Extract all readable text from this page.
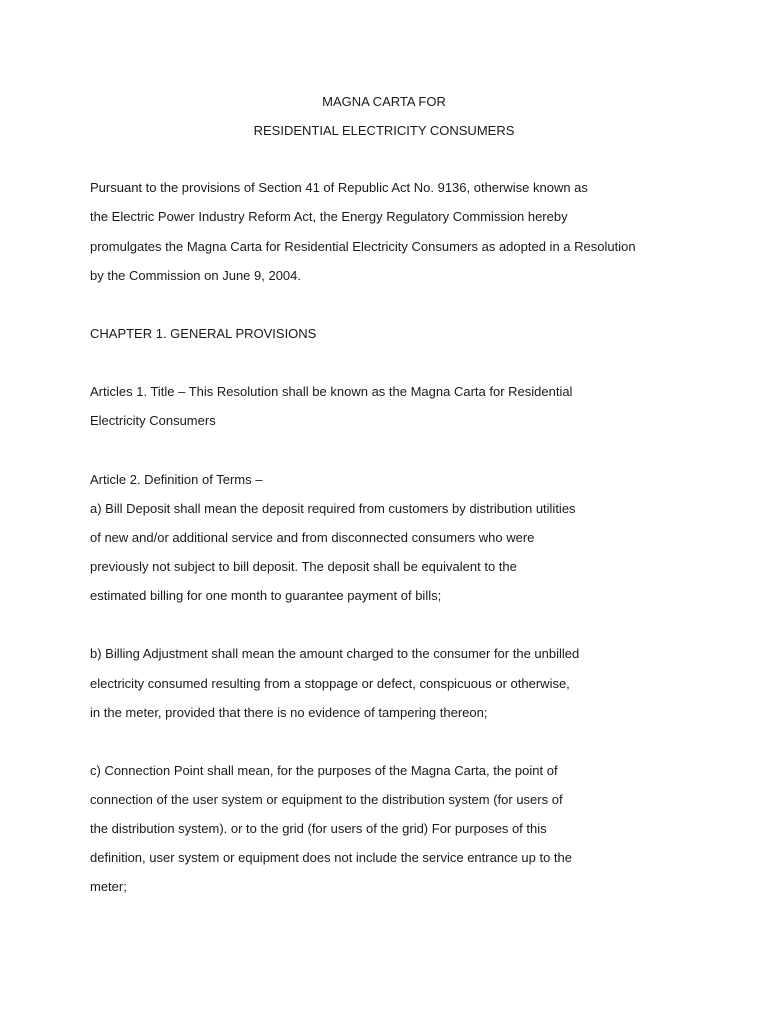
MAGNA CARTA FOR
RESIDENTIAL ELECTRICITY CONSUMERS
Pursuant to the provisions of Section 41 of Republic Act No. 9136, otherwise known as
the Electric Power Industry Reform Act, the Energy Regulatory Commission hereby
promulgates the Magna Carta for Residential Electricity Consumers as adopted in a Resolution
by the Commission on June 9, 2004.
CHAPTER 1. GENERAL PROVISIONS
Articles 1. Title – This Resolution shall be known as the Magna Carta for Residential
Electricity Consumers
Article 2. Definition of Terms –
a) Bill Deposit shall mean the deposit required from customers by distribution utilities
of new and/or additional service and from disconnected consumers who were
previously not subject to bill deposit. The deposit shall be equivalent to the
estimated billing for one month to guarantee payment of bills;
b) Billing Adjustment shall mean the amount charged to the consumer for the unbilled
electricity consumed resulting from a stoppage or defect, conspicuous or otherwise,
in the meter, provided that there is no evidence of tampering thereon;
c) Connection Point shall mean, for the purposes of the Magna Carta, the point of
connection of the user system or equipment to the distribution system (for users of
the distribution system). or to the grid (for users of the grid) For purposes of this
definition, user system or equipment does not include the service entrance up to the
meter;
